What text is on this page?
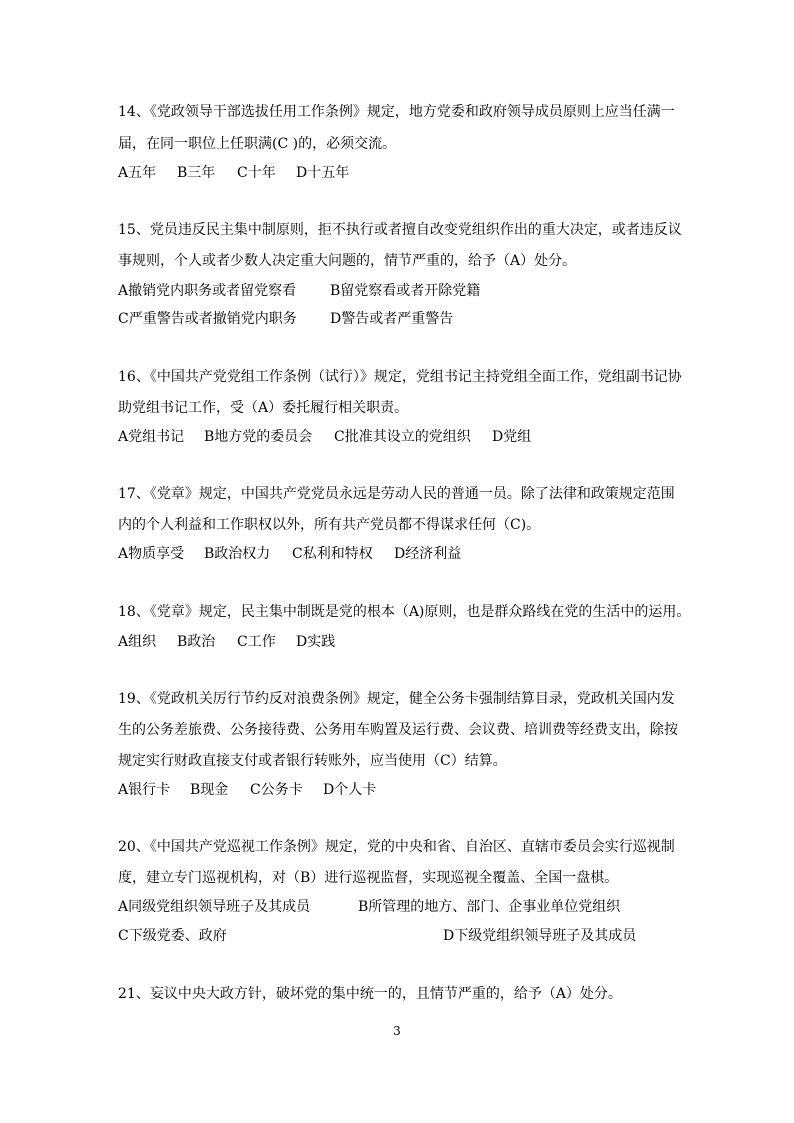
14、《党政领导干部选拔任用工作条例》规定，地方党委和政府领导成员原则上应当任满一
届，在同一职位上任职满(C )的，必须交流。
A五年 B三年 C十年 D十五年
15、党员违反民主集中制原则，拒不执行或者擅自改变党组织作出的重大决定，或者违反议
事规则，个人或者少数人决定重大问题的，情节严重的，给予（A）处分。
A撤销党内职务或者留党察看 B留党察看或者开除党籍
C严重警告或者撤销党内职务 D警告或者严重警告
16、《中国共产党党组工作条例（试行）》规定，党组书记主持党组全面工作，党组副书记协
助党组书记工作，受（A）委托履行相关职责。
A党组书记 B地方党的委员会 C批准其设立的党组织 D党组
17、《党章》规定，中国共产党党员永远是劳动人民的普通一员。除了法律和政策规定范围
内的个人利益和工作职权以外，所有共产党员都不得谋求任何（C)。
A物质享受 B政治权力 C私利和特权 D经济利益
18、《党章》规定，民主集中制既是党的根本（A)原则，也是群众路线在党的生活中的运用。
A组织 B政治 C工作 D实践
19、《党政机关厉行节约反对浪费条例》规定，健全公务卡强制结算目录，党政机关国内发
生的公务差旅费、公务接待费、公务用车购置及运行费、会议费、培训费等经费支出，除按
规定实行财政直接支付或者银行转账外，应当使用（C）结算。
A银行卡 B现金 C公务卡 D个人卡
20、《中国共产党巡视工作条例》规定，党的中央和省、自治区、直辖市委员会实行巡视制
度，建立专门巡视机构，对（B）进行巡视监督，实现巡视全覆盖、全国一盘棋。
A同级党组织领导班子及其成员	B所管理的地方、部门、企事业单位党组织
C下级党委、政府	D下级党组织领导班子及其成员
21、妄议中央大政方针，破坏党的集中统一的，且情节严重的，给予（A）处分。
3
